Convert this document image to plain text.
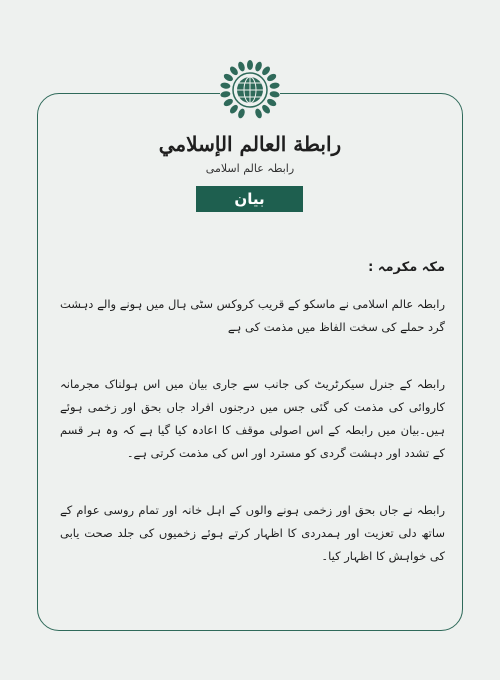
رابطة العالم الإسلامي
رابطہ عالم اسلامی
بیان
مکہ مکرمہ :

رابطہ عالم اسلامی نے ماسکو کے قریب کروکس سٹی ہال میں ہونے والے دہشت گرد حملے کی سخت الفاظ میں مذمت کی ہے

رابطہ کے جنرل سیکرٹریٹ کی جانب سے جاری بیان میں اس ہولناک مجرمانہ کاروائی کی مذمت کی گئی جس میں درجنوں افراد جاں بحق اور زخمی ہوئے ہیں۔بیان میں رابطہ کے اس اصولی موقف کا اعادہ کیا گیا ہے کہ وہ ہر قسم کے تشدد اور دہشت گردی کو مسترد اور اس کی مذمت کرتی ہے۔

رابطہ نے جاں بحق اور زخمی ہونے والوں کے اہل خانہ اور تمام روسی عوام کے ساتھ دلی تعزیت اور ہمدردی کا اظہار کرتے ہوئے زخمیوں کی جلد صحت یابی کی خواہش کا اظہار کیا۔
